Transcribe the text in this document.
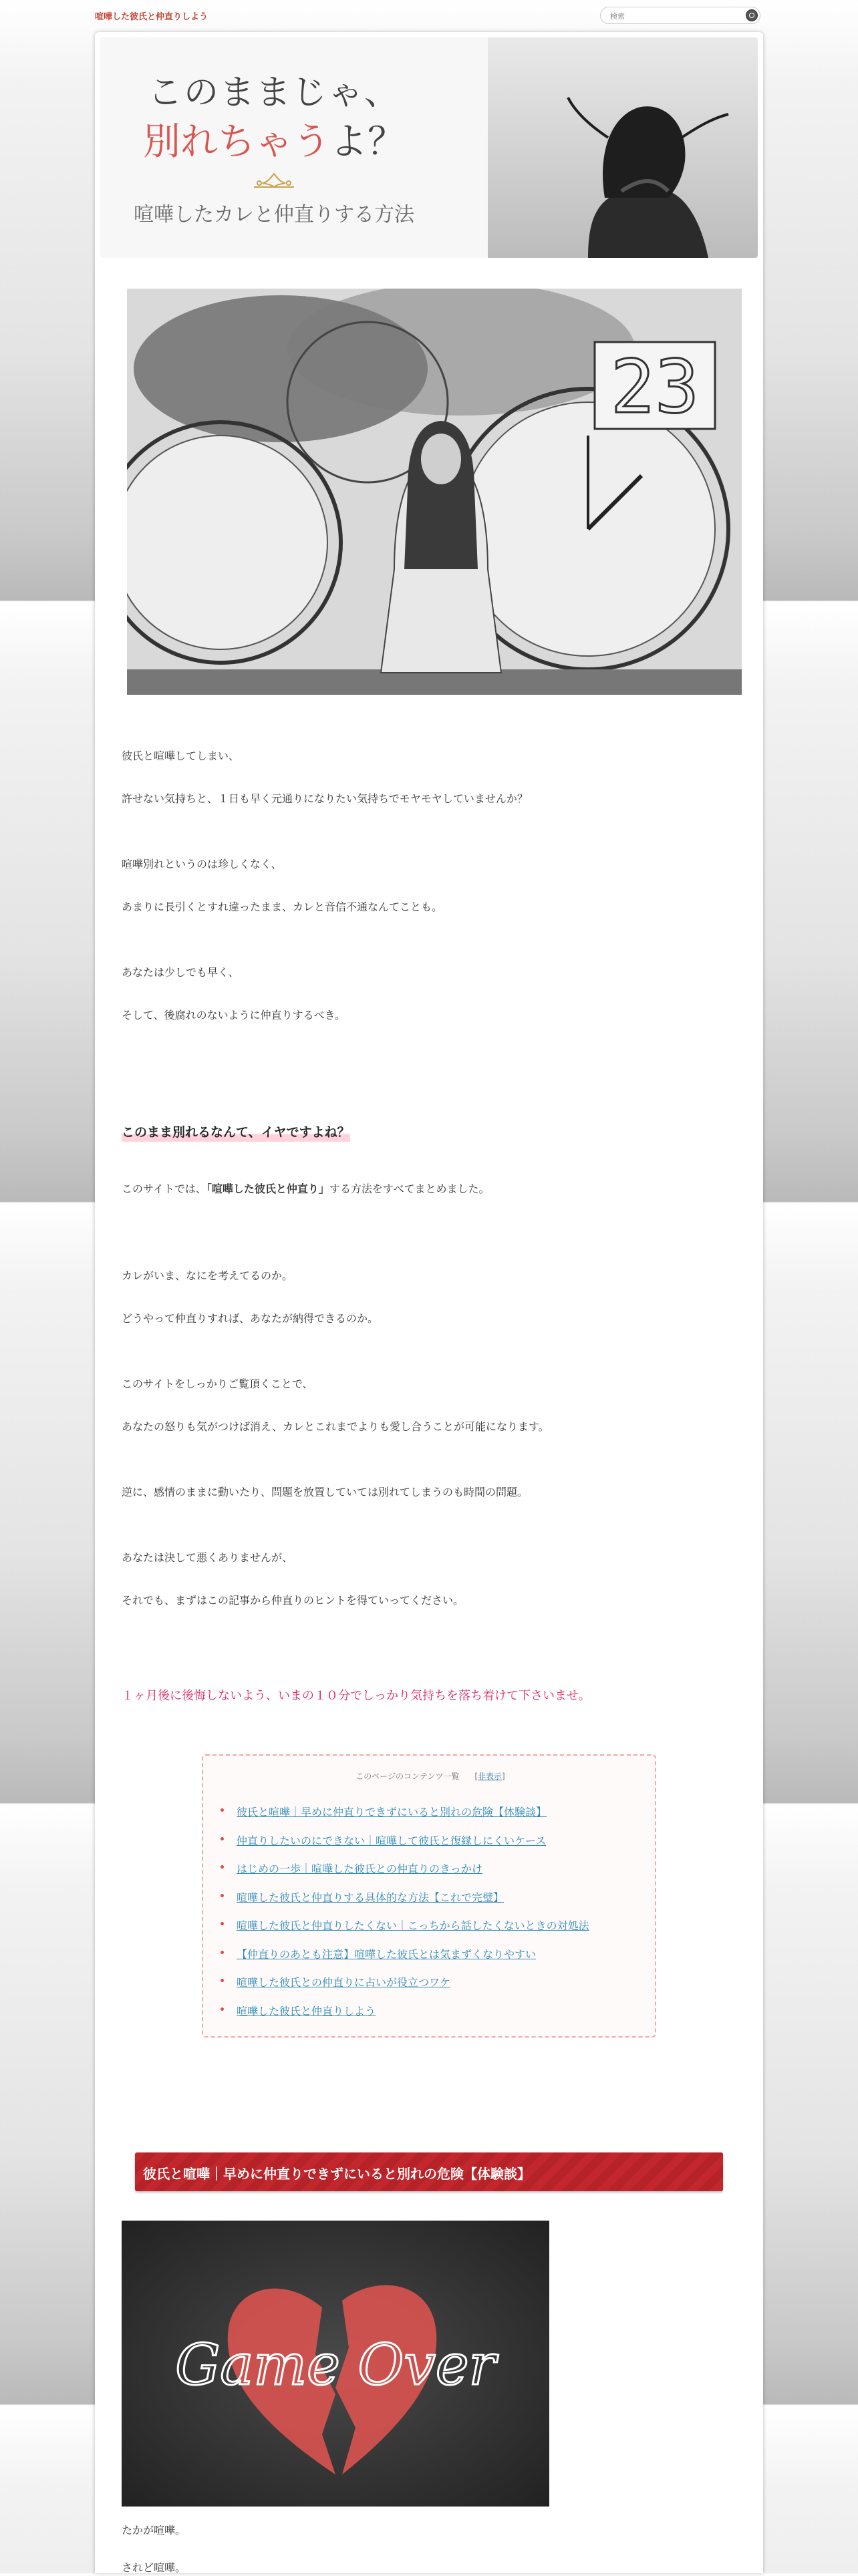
喧嘩した彼氏と仲直りしよう
検索
このままじゃ、
別れちゃうよ？
喧嘩したカレと仲直りする方法
23

彼氏と喧嘩してしまい、

許せない気持ちと、１日も早く元通りになりたい気持ちでモヤモヤしていませんか？

喧嘩別れというのは珍しくなく、

あまりに長引くとすれ違ったまま、カレと音信不通なんてことも。

あなたは少しでも早く、

そして、後腐れのないように仲直りするべき。

このまま別れるなんて、イヤですよね？

このサイトでは、「喧嘩した彼氏と仲直り」する方法をすべてまとめました。

カレがいま、なにを考えてるのか。

どうやって仲直りすれば、あなたが納得できるのか。

このサイトをしっかりご覧頂くことで、

あなたの怒りも気がつけば消え、カレとこれまでよりも愛し合うことが可能になります。

逆に、感情のままに動いたり、問題を放置していては別れてしまうのも時間の問題。

あなたは決して悪くありませんが、

それでも、まずはこの記事から仲直りのヒントを得ていってください。

１ヶ月後に後悔しないよう、いまの１０分でしっかり気持ちを落ち着けて下さいませ。
このページのコンテンツ一覧 [非表示]
彼氏と喧嘩｜早めに仲直りできずにいると別れの危険【体験談】
仲直りしたいのにできない｜喧嘩して彼氏と復縁しにくいケース
はじめの一歩｜喧嘩した彼氏との仲直りのきっかけ
喧嘩した彼氏と仲直りする具体的な方法【これで完璧】
喧嘩した彼氏と仲直りしたくない｜こっちから話したくないときの対処法
【仲直りのあとも注意】喧嘩した彼氏とは気まずくなりやすい
喧嘩した彼氏との仲直りに占いが役立つワケ
喧嘩した彼氏と仲直りしよう
彼氏と喧嘩｜早めに仲直りできずにいると別れの危険【体験談】
Game Over

たかが喧嘩。

されど喧嘩。
